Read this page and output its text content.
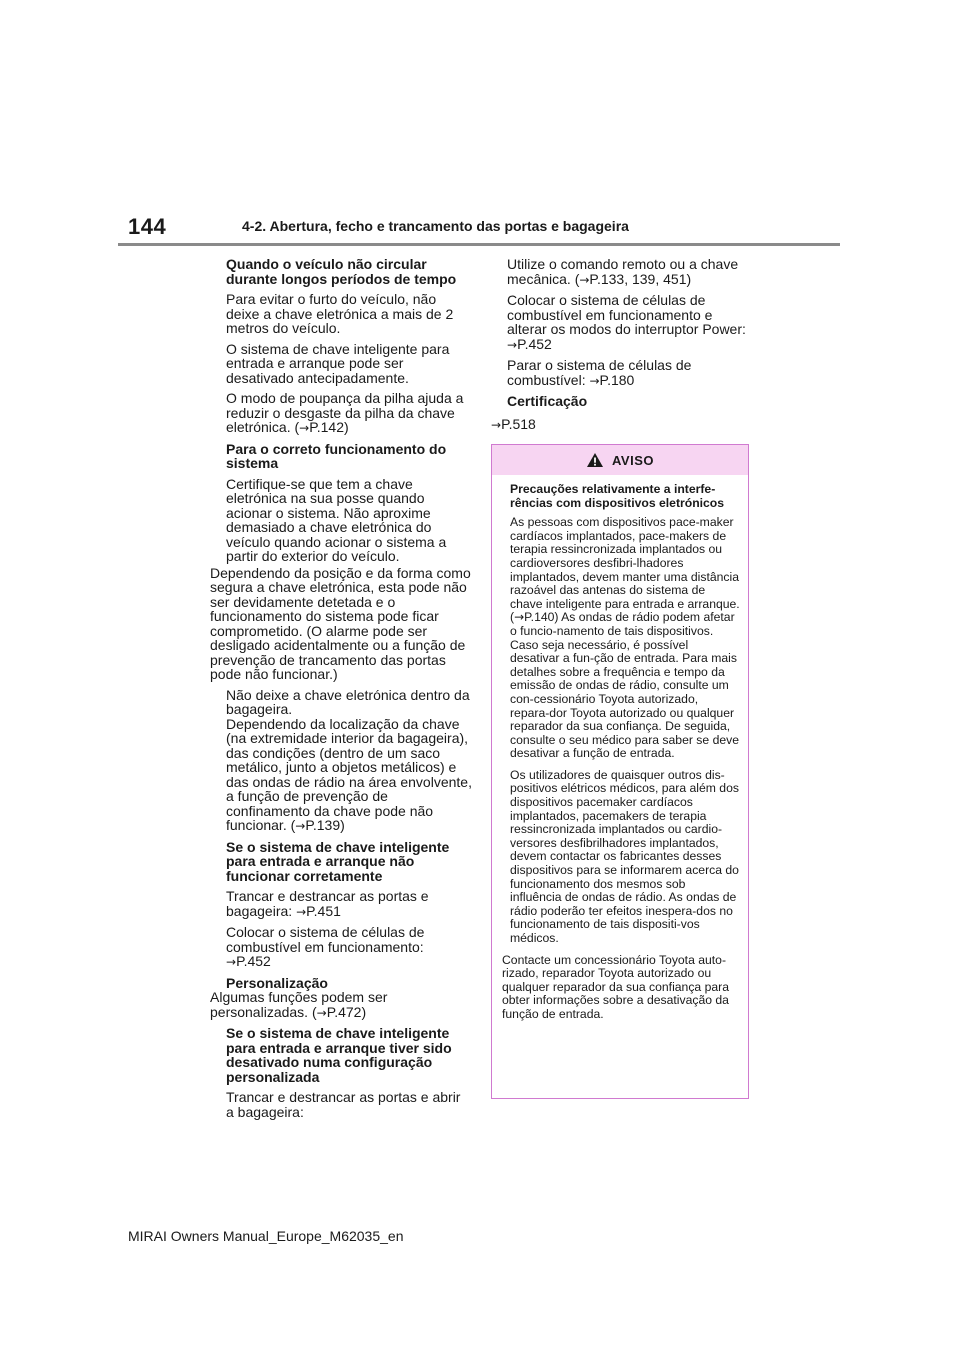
144	4-2. Abertura, fecho e trancamento das portas e bagageira

Quando o veículo não circular durante longos períodos de tempo

Para evitar o furto do veículo, não deixe a chave eletrónica a mais de 2 metros do veículo.

O sistema de chave inteligente para entrada e arranque pode ser desativado antecipadamente.

O modo de poupança da pilha ajuda a reduzir o desgaste da pilha da chave eletrónica. (→P.142)

Para o correto funcionamento do sistema

Certifique-se que tem a chave eletrónica na sua posse quando acionar o sistema. Não aproxime demasiado a chave eletrónica do veículo quando acionar o sistema a partir do exterior do veículo.

Dependendo da posição e da forma como segura a chave eletrónica, esta pode não ser devidamente detetada e o funcionamento do sistema pode ficar comprometido. (O alarme pode ser desligado acidentalmente ou a função de prevenção de trancamento das portas pode não funcionar.)

Não deixe a chave eletrónica dentro da bagageira.
Dependendo da localização da chave (na extremidade interior da bagageira), das condições (dentro de um saco metálico, junto a objetos metálicos) e das ondas de rádio na área envolvente, a função de prevenção de confinamento da chave pode não funcionar. (→P.139)

Se o sistema de chave inteligente para entrada e arranque não funcionar corretamente

Trancar e destrancar as portas e bagageira: →P.451

Colocar o sistema de células de combustível em funcionamento:
→P.452

Personalização

Algumas funções podem ser personalizadas. (→P.472)

Se o sistema de chave inteligente para entrada e arranque tiver sido desativado numa configuração personalizada

Trancar e destrancar as portas e abrir a bagageira:

Utilize o comando remoto ou a chave mecânica. (→P.133, 139, 451)

Colocar o sistema de células de combustível em funcionamento e alterar os modos do interruptor Power: →P.452

Parar o sistema de células de combustível: →P.180

Certificação

→P.518

AVISO

Precauções relativamente a interfe-rências com dispositivos eletrónicos

As pessoas com dispositivos pace-maker cardíacos implantados, pace-makers de terapia ressincronizada implantados ou cardioversores desfibri-lhadores implantados, devem manter uma distância razoável das antenas do sistema de chave inteligente para entrada e arranque. (→P.140) As ondas de rádio podem afetar o funcio-namento de tais dispositivos. Caso seja necessário, é possível desativar a fun-ção de entrada. Para mais detalhes sobre a frequência e tempo da emissão de ondas de rádio, consulte um con-cessionário Toyota autorizado, repara-dor Toyota autorizado ou qualquer reparador da sua confiança. De seguida, consulte o seu médico para saber se deve desativar a função de entrada.

Os utilizadores de quaisquer outros dis-positivos elétricos médicos, para além dos dispositivos pacemaker cardíacos implantados, pacemakers de terapia ressincronizada implantados ou cardio-versores desfibrilhadores implantados, devem contactar os fabricantes desses dispositivos para se informarem acerca do funcionamento dos mesmos sob influência de ondas de rádio. As ondas de rádio poderão ter efeitos inespera-dos no funcionamento de tais dispositi-vos médicos.

Contacte um concessionário Toyota auto-rizado, reparador Toyota autorizado ou qualquer reparador da sua confiança para obter informações sobre a desativação da função de entrada.

MIRAI Owners Manual_Europe_M62035_en
